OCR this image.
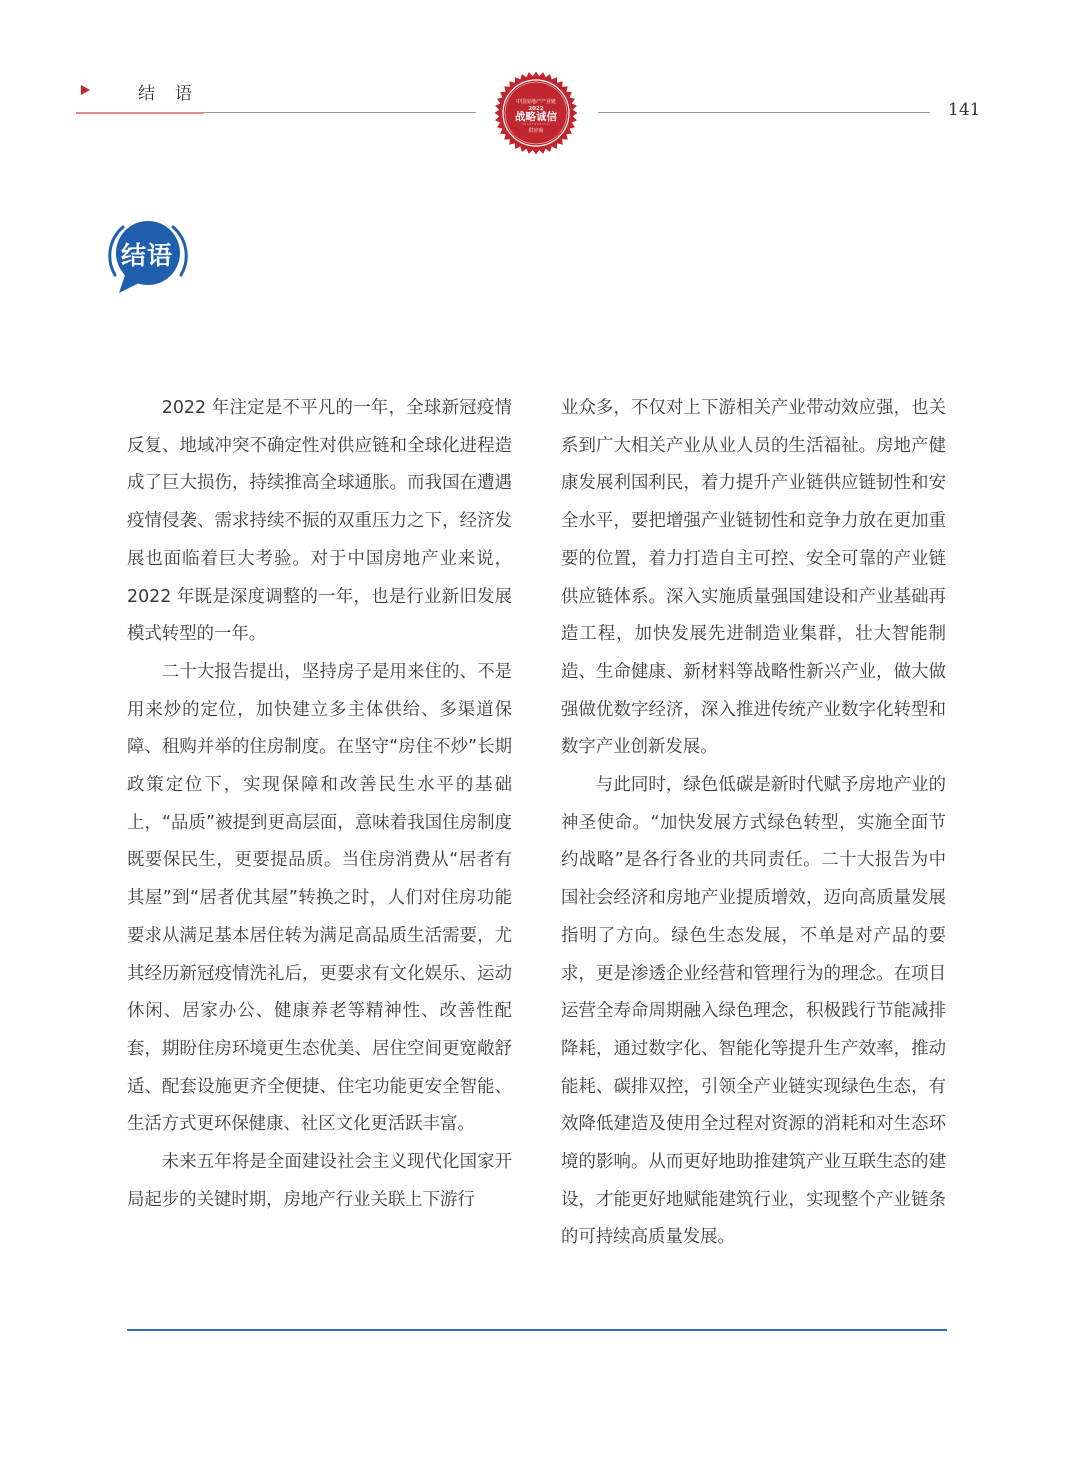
结语	中国房地产产业链
2022
战略诚信
供应商
141
结语

2022 年注定是不平凡的一年，全球新冠疫情反复、地域冲突不确定性对供应链和全球化进程造成了巨大损伤，持续推高全球通胀。而我国在遭遇疫情侵袭、需求持续不振的双重压力之下，经济发展也面临着巨大考验。对于中国房地产业来说，2022 年既是深度调整的一年，也是行业新旧发展模式转型的一年。

二十大报告提出，坚持房子是用来住的、不是用来炒的定位，加快建立多主体供给、多渠道保障、租购并举的住房制度。在坚守“房住不炒”长期政策定位下，实现保障和改善民生水平的基础上，“品质”被提到更高层面，意味着我国住房制度既要保民生，更要提品质。当住房消费从“居者有其屋”到“居者优其屋”转换之时，人们对住房功能要求从满足基本居住转为满足高品质生活需要，尤其经历新冠疫情洗礼后，更要求有文化娱乐、运动休闲、居家办公、健康养老等精神性、改善性配套，期盼住房环境更生态优美、居住空间更宽敞舒适、配套设施更齐全便捷、住宅功能更安全智能、生活方式更环保健康、社区文化更活跃丰富。

未来五年将是全面建设社会主义现代化国家开局起步的关键时期，房地产行业关联上下游行

业众多，不仅对上下游相关产业带动效应强，也关系到广大相关产业从业人员的生活福祉。房地产健康发展利国利民，着力提升产业链供应链韧性和安全水平，要把增强产业链韧性和竞争力放在更加重要的位置，着力打造自主可控、安全可靠的产业链供应链体系。深入实施质量强国建设和产业基础再造工程，加快发展先进制造业集群，壮大智能制造、生命健康、新材料等战略性新兴产业，做大做强做优数字经济，深入推进传统产业数字化转型和数字产业创新发展。

与此同时，绿色低碳是新时代赋予房地产业的神圣使命。“加快发展方式绿色转型，实施全面节约战略”是各行各业的共同责任。二十大报告为中国社会经济和房地产业提质增效，迈向高质量发展指明了方向。绿色生态发展，不单是对产品的要求，更是渗透企业经营和管理行为的理念。在项目运营全寿命周期融入绿色理念，积极践行节能减排降耗，通过数字化、智能化等提升生产效率，推动能耗、碳排双控，引领全产业链实现绿色生态，有效降低建造及使用全过程对资源的消耗和对生态环境的影响。从而更好地助推建筑产业互联生态的建设，才能更好地赋能建筑行业，实现整个产业链条的可持续高质量发展。
